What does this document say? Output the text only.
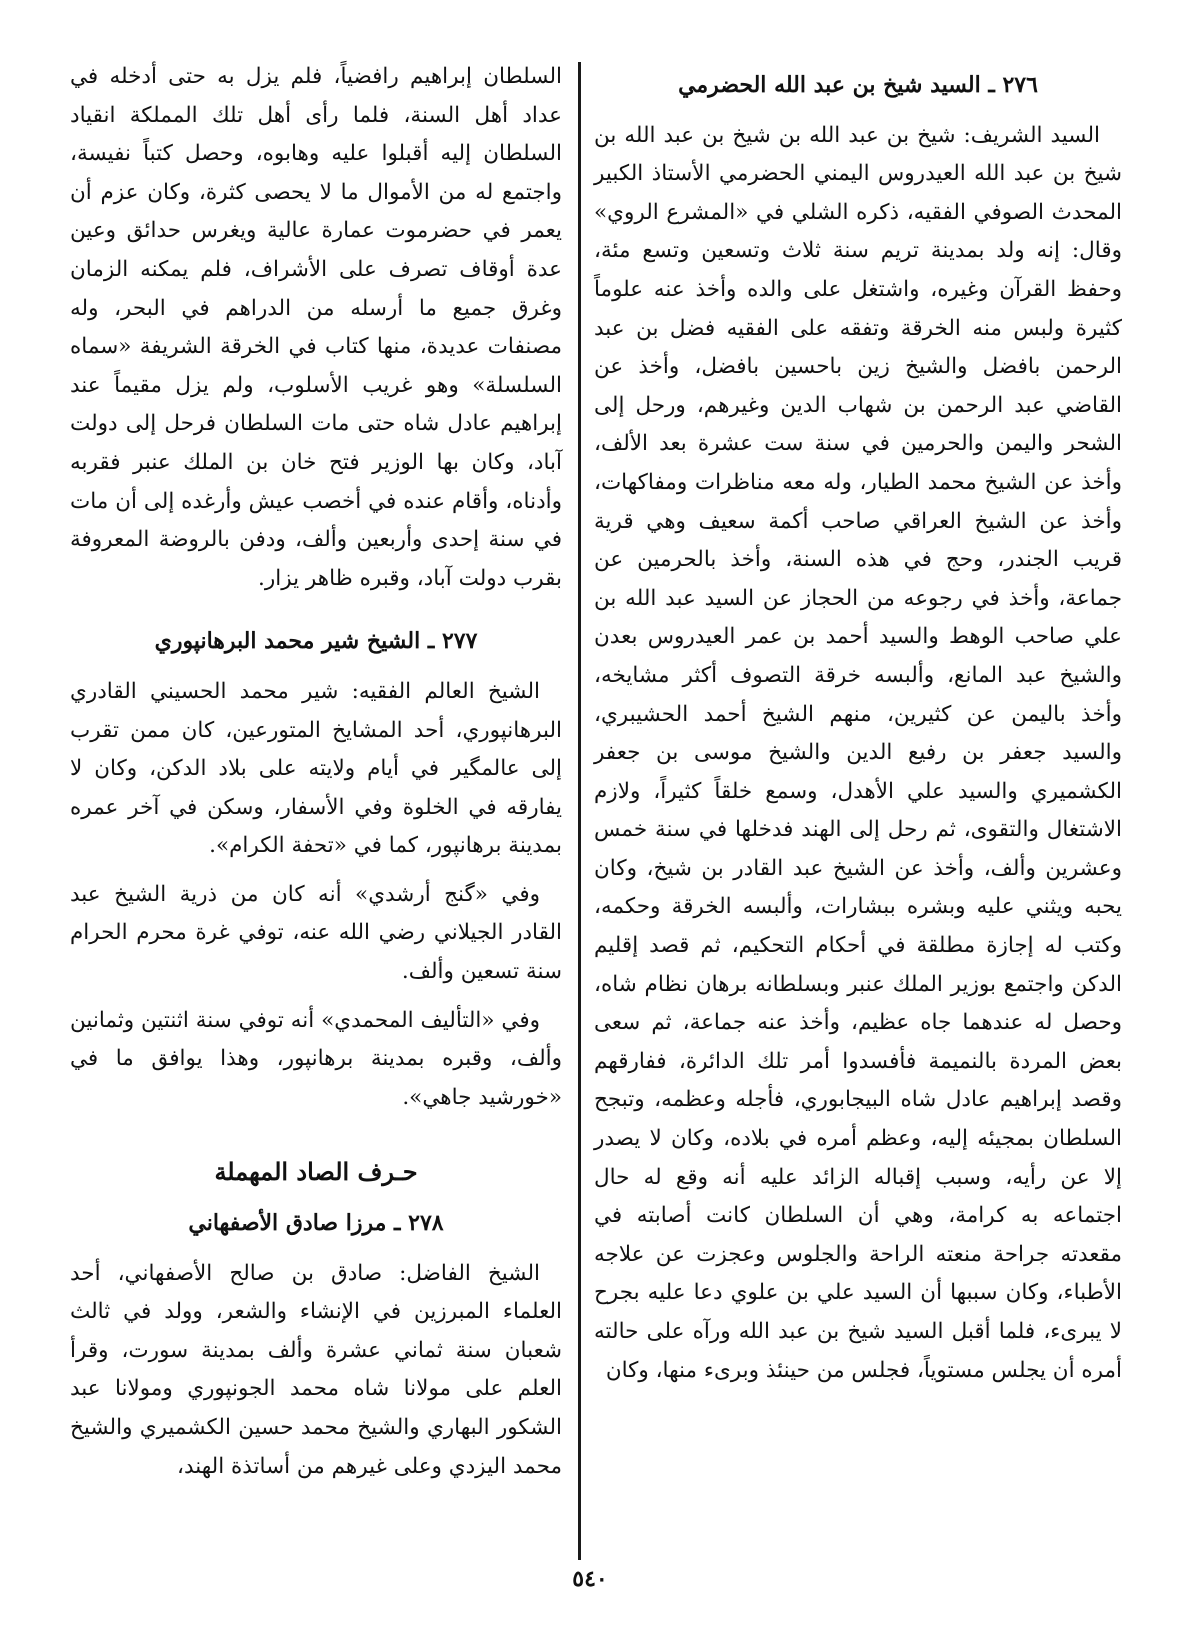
٢٧٦ ـ السيد شيخ بن عبد الله الحضرمي

السيد الشريف: شيخ بن عبد الله بن شيخ بن عبد الله بن شيخ بن عبد الله العيدروس اليمني الحضرمي الأستاذ الكبير المحدث الصوفي الفقيه، ذكره الشلي في «المشرع الروي» وقال: إنه ولد بمدينة تريم سنة ثلاث وتسعين وتسع مئة، وحفظ القرآن وغيره، واشتغل على والده وأخذ عنه علوماً كثيرة ولبس منه الخرقة وتفقه على الفقيه فضل بن عبد الرحمن بافضل والشيخ زين باحسين بافضل، وأخذ عن القاضي عبد الرحمن بن شهاب الدين وغيرهم، ورحل إلى الشحر واليمن والحرمين في سنة ست عشرة بعد الألف، وأخذ عن الشيخ محمد الطيار، وله معه مناظرات ومفاكهات، وأخذ عن الشيخ العراقي صاحب أكمة سعيف وهي قرية قريب الجندر، وحج في هذه السنة، وأخذ بالحرمين عن جماعة، وأخذ في رجوعه من الحجاز عن السيد عبد الله بن علي صاحب الوهط والسيد أحمد بن عمر العيدروس بعدن والشيخ عبد المانع، وألبسه خرقة التصوف أكثر مشايخه، وأخذ باليمن عن كثيرين، منهم الشيخ أحمد الحشيبري، والسيد جعفر بن رفيع الدين والشيخ موسى بن جعفر الكشميري والسيد علي الأهدل، وسمع خلقاً كثيراً، ولازم الاشتغال والتقوى، ثم رحل إلى الهند فدخلها في سنة خمس وعشرين وألف، وأخذ عن الشيخ عبد القادر بن شيخ، وكان يحبه ويثني عليه وبشره ببشارات، وألبسه الخرقة وحكمه، وكتب له إجازة مطلقة في أحكام التحكيم، ثم قصد إقليم الدكن واجتمع بوزير الملك عنبر وبسلطانه برهان نظام شاه، وحصل له عندهما جاه عظيم، وأخذ عنه جماعة، ثم سعى بعض المردة بالنميمة فأفسدوا أمر تلك الدائرة، ففارقهم وقصد إبراهيم عادل شاه البيجابوري، فأجله وعظمه، وتبجح السلطان بمجيئه إليه، وعظم أمره في بلاده، وكان لا يصدر إلا عن رأيه، وسبب إقباله الزائد عليه أنه وقع له حال اجتماعه به كرامة، وهي أن السلطان كانت أصابته في مقعدته جراحة منعته الراحة والجلوس وعجزت عن علاجه الأطباء، وكان سببها أن السيد علي بن علوي دعا عليه بجرح لا يبرىء، فلما أقبل السيد شيخ بن عبد الله ورآه على حالته أمره أن يجلس مستوياً، فجلس من حينئذ وبرىء منها، وكان

السلطان إبراهيم رافضياً، فلم يزل به حتى أدخله في عداد أهل السنة، فلما رأى أهل تلك المملكة انقياد السلطان إليه أقبلوا عليه وهابوه، وحصل كتباً نفيسة، واجتمع له من الأموال ما لا يحصى كثرة، وكان عزم أن يعمر في حضرموت عمارة عالية ويغرس حدائق وعين عدة أوقاف تصرف على الأشراف، فلم يمكنه الزمان وغرق جميع ما أرسله من الدراهم في البحر، وله مصنفات عديدة، منها كتاب في الخرقة الشريفة «سماه السلسلة» وهو غريب الأسلوب، ولم يزل مقيماً عند إبراهيم عادل شاه حتى مات السلطان فرحل إلى دولت آباد، وكان بها الوزير فتح خان بن الملك عنبر فقربه وأدناه، وأقام عنده في أخصب عيش وأرغده إلى أن مات في سنة إحدى وأربعين وألف، ودفن بالروضة المعروفة بقرب دولت آباد، وقبره ظاهر يزار.

٢٧٧ ـ الشيخ شير محمد البرهانپوري

الشيخ العالم الفقيه: شير محمد الحسيني القادري البرهانپوري، أحد المشايخ المتورعين، كان ممن تقرب إلى عالمگير في أيام ولايته على بلاد الدكن، وكان لا يفارقه في الخلوة وفي الأسفار، وسكن في آخر عمره بمدينة برهانپور، كما في «تحفة الكرام».

وفي «گنج أرشدي» أنه كان من ذرية الشيخ عبد القادر الجيلاني رضي الله عنه، توفي غرة محرم الحرام سنة تسعين وألف.

وفي «التأليف المحمدي» أنه توفي سنة اثنتين وثمانين وألف، وقبره بمدينة برهانپور، وهذا يوافق ما في «خورشيد جاهي».

حـرف الصاد المهملة
٢٧٨ ـ مرزا صادق الأصفهاني

الشيخ الفاضل: صادق بن صالح الأصفهاني، أحد العلماء المبرزين في الإنشاء والشعر، وولد في ثالث شعبان سنة ثماني عشرة وألف بمدينة سورت، وقرأ العلم على مولانا شاه محمد الجونپوري ومولانا عبد الشكور البهاري والشيخ محمد حسين الكشميري والشيخ محمد اليزدي وعلى غيرهم من أساتذة الهند،

٥٤٠
